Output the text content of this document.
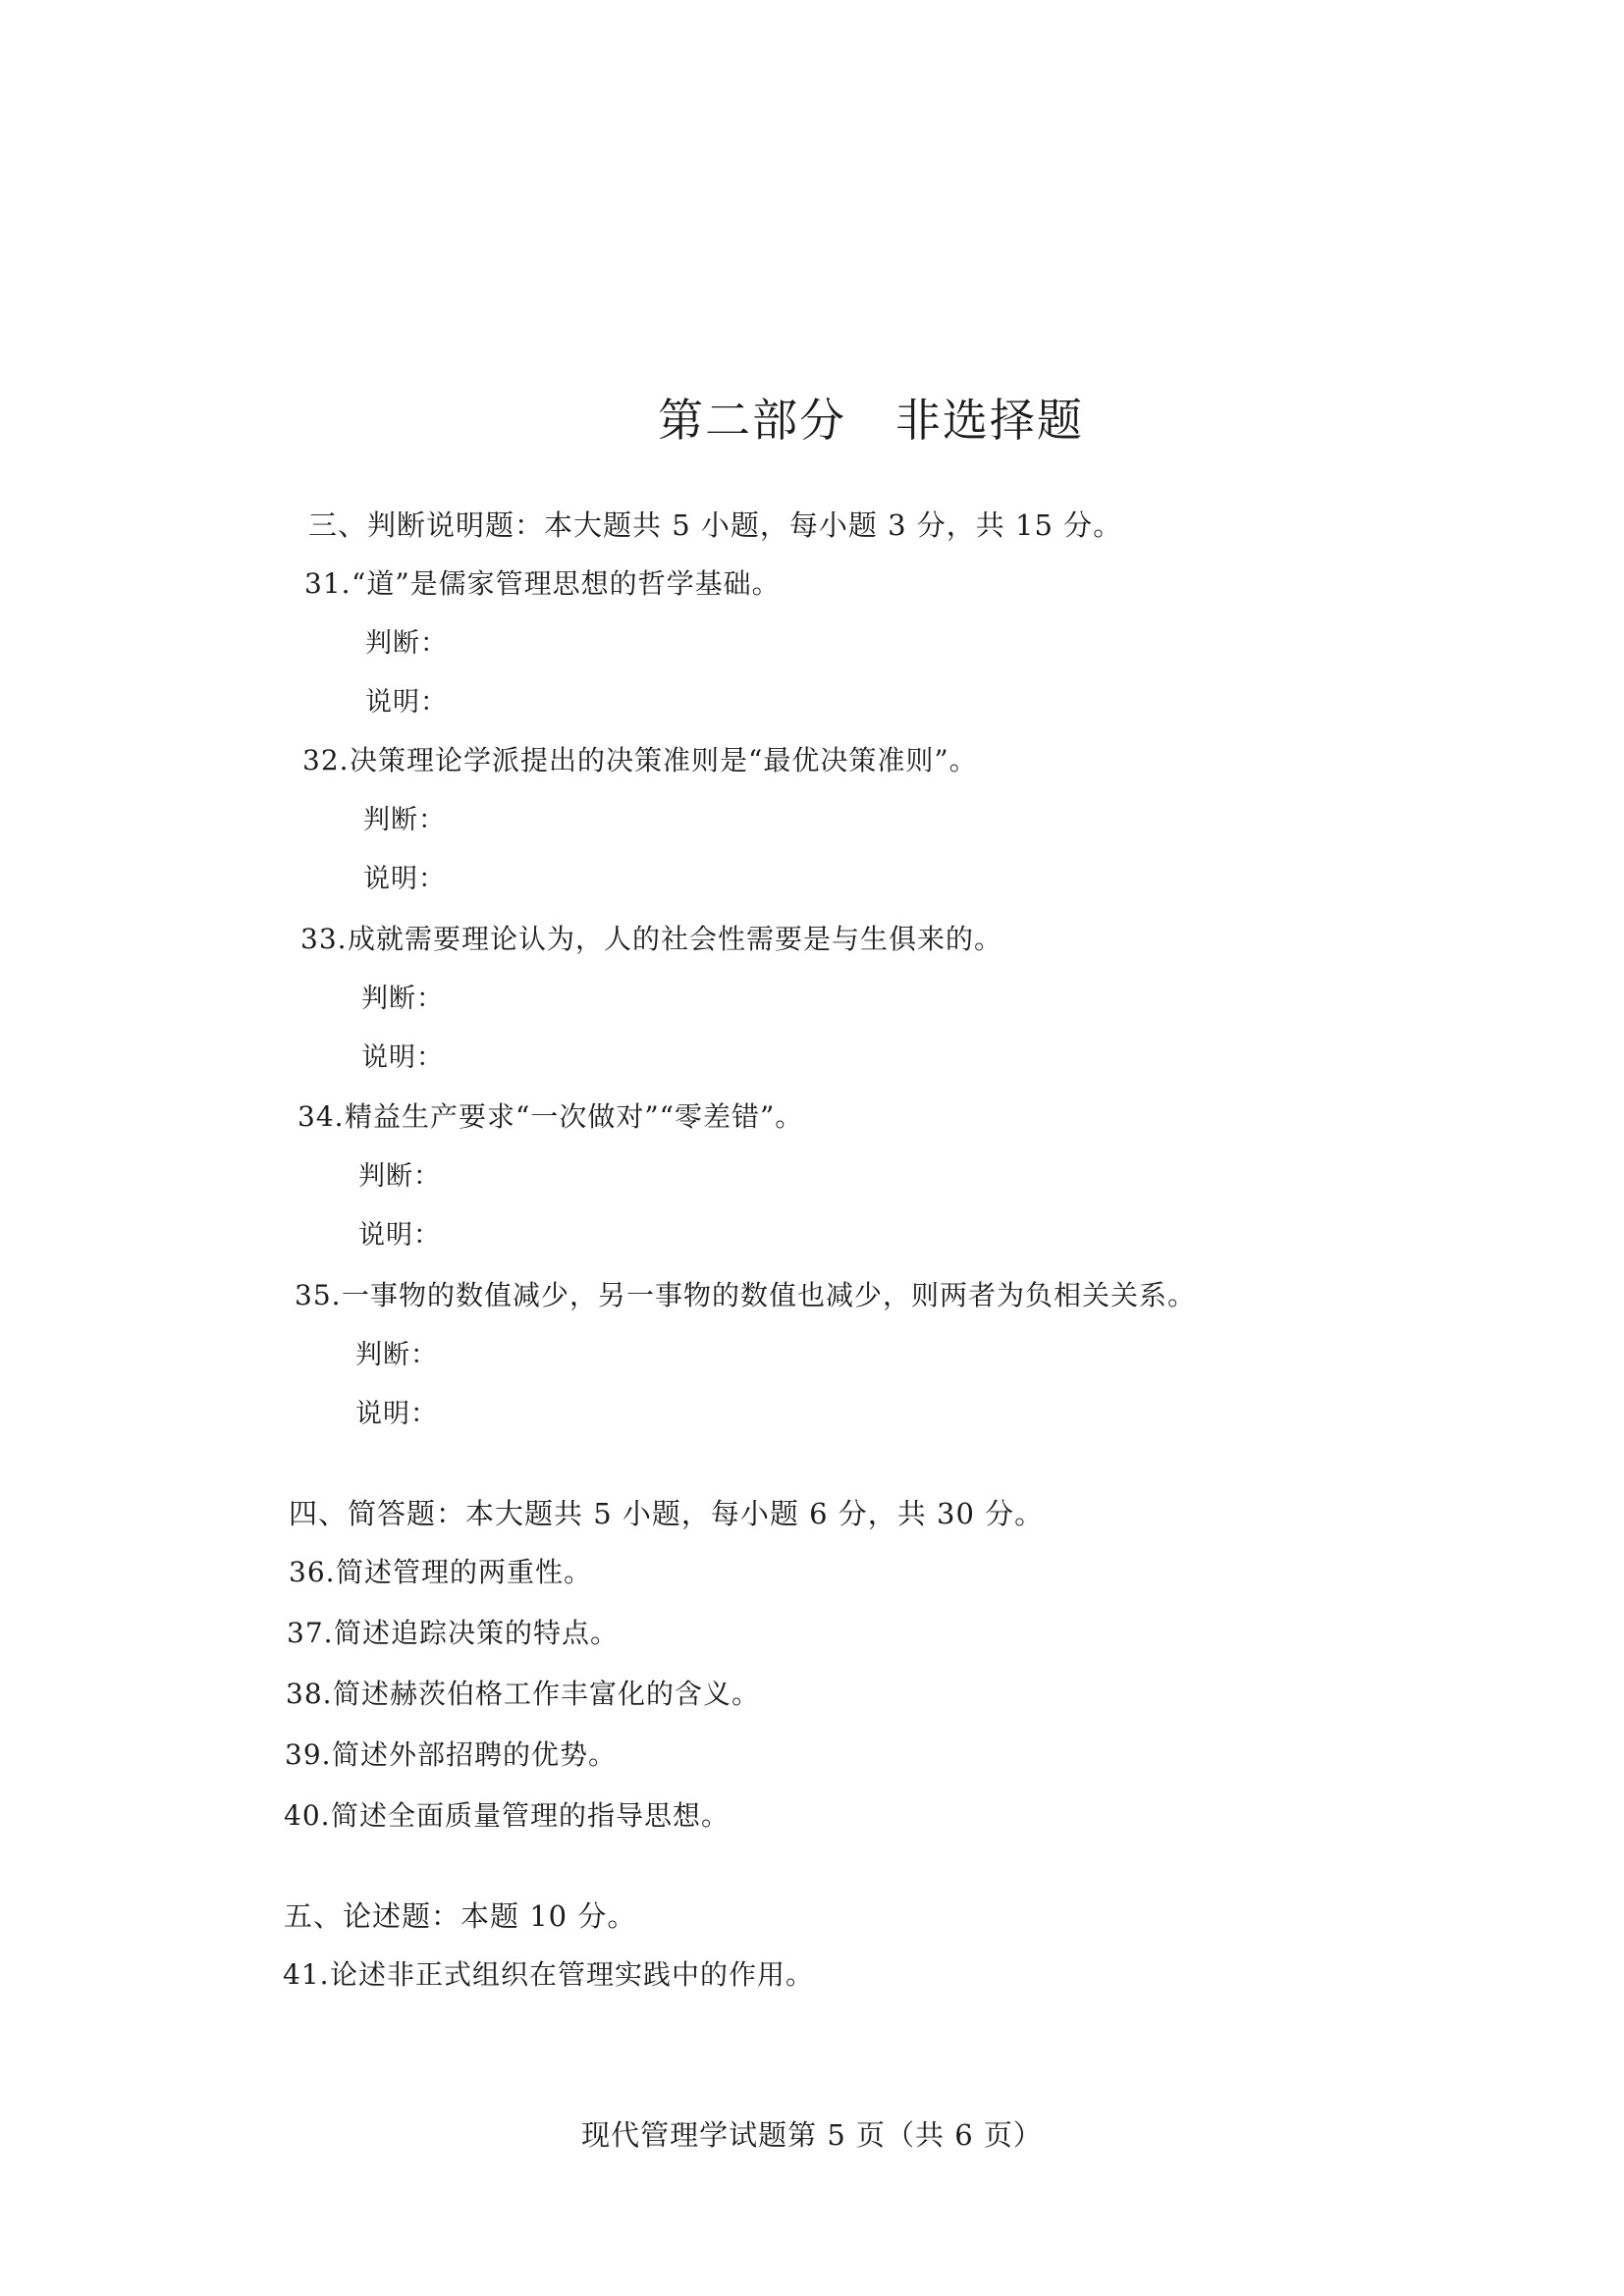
第二部分   非选择题
三、判断说明题：本大题共 5 小题，每小题 3 分，共 15 分。
31.“道”是儒家管理思想的哲学基础。
判断：
说明：
32.决策理论学派提出的决策准则是“最优决策准则”。
判断：
说明：
33.成就需要理论认为，人的社会性需要是与生俱来的。
判断：
说明：
34.精益生产要求“一次做对”“零差错”。
判断：
说明：
35.一事物的数值减少，另一事物的数值也减少，则两者为负相关关系。
判断：
说明：
四、简答题：本大题共 5 小题，每小题 6 分，共 30 分。
36.简述管理的两重性。
37.简述追踪决策的特点。
38.简述赫茨伯格工作丰富化的含义。
39.简述外部招聘的优势。
40.简述全面质量管理的指导思想。
五、论述题：本题 10 分。
41.论述非正式组织在管理实践中的作用。
现代管理学试题第 5 页（共 6 页）
